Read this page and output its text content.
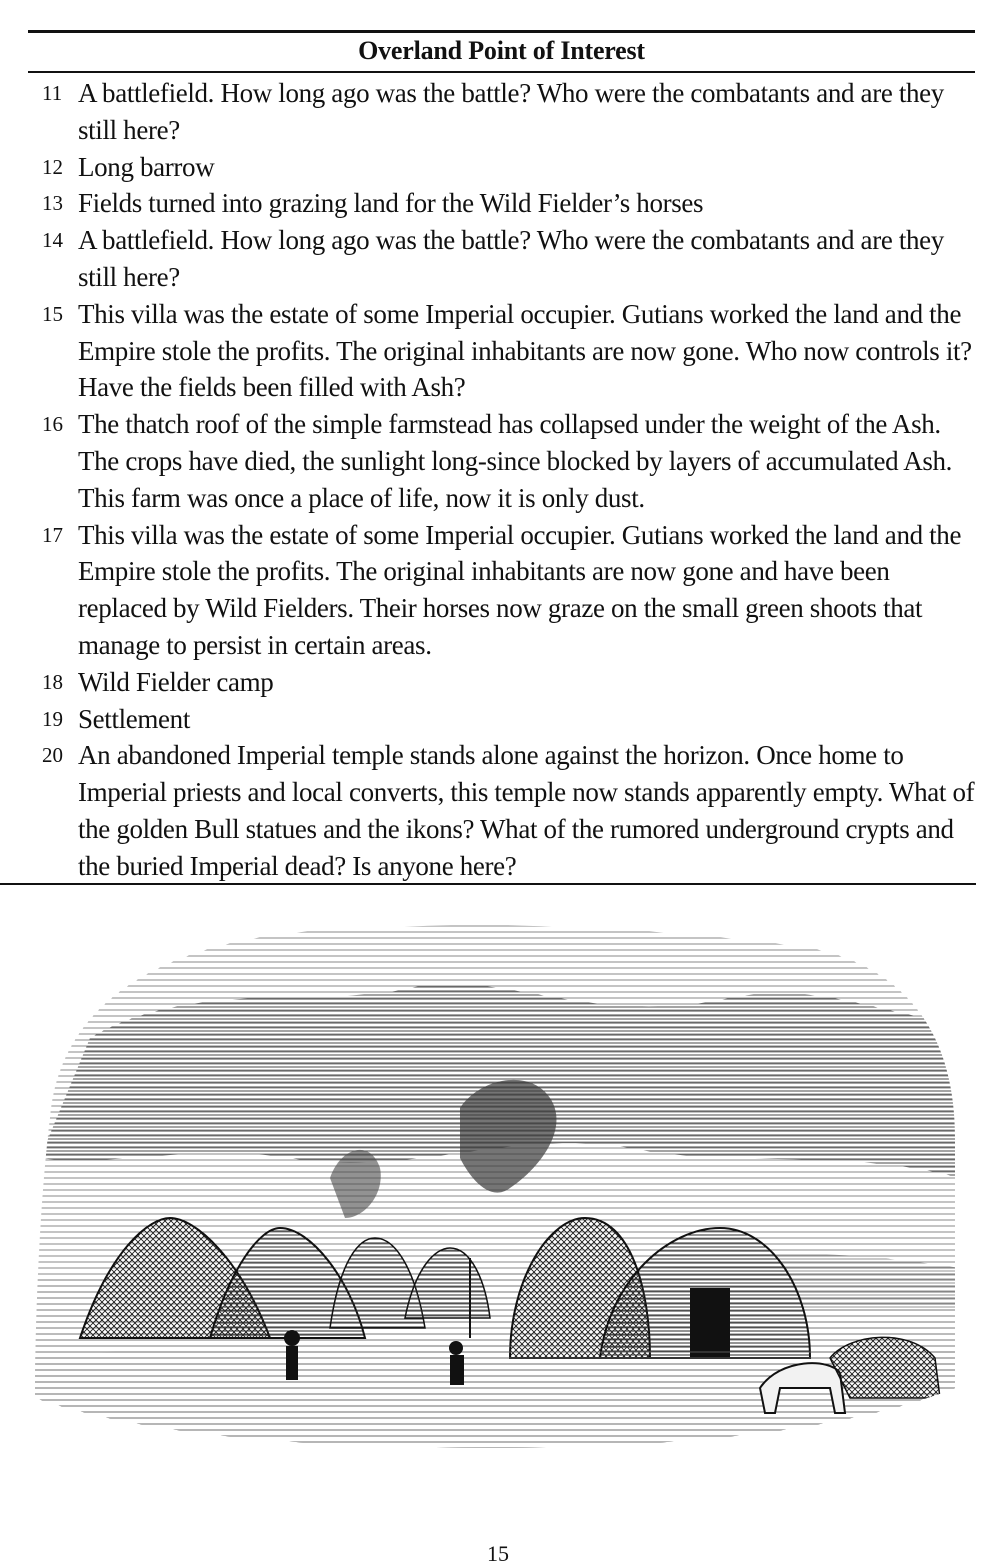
Overland Point of Interest
11 A battlefield. How long ago was the battle? Who were the combatants and are they still here?
12 Long barrow
13 Fields turned into grazing land for the Wild Fielder’s horses
14 A battlefield. How long ago was the battle? Who were the combatants and are they still here?
15 This villa was the estate of some Imperial occupier. Gutians worked the land and the Empire stole the profits. The original inhabitants are now gone. Who now controls it? Have the fields been filled with Ash?
16 The thatch roof of the simple farmstead has collapsed under the weight of the Ash. The crops have died, the sunlight long-since blocked by layers of accumulated Ash. This farm was once a place of life, now it is only dust.
17 This villa was the estate of some Imperial occupier. Gutians worked the land and the Empire stole the profits. The original inhabitants are now gone and have been replaced by Wild Fielders. Their horses now graze on the small green shoots that manage to persist in certain areas.
18 Wild Fielder camp
19 Settlement
20 An abandoned Imperial temple stands alone against the horizon. Once home to Imperial priests and local converts, this temple now stands apparently empty. What of the golden Bull statues and the ikons? What of the rumored underground crypts and the buried Imperial dead? Is anyone here?
15
